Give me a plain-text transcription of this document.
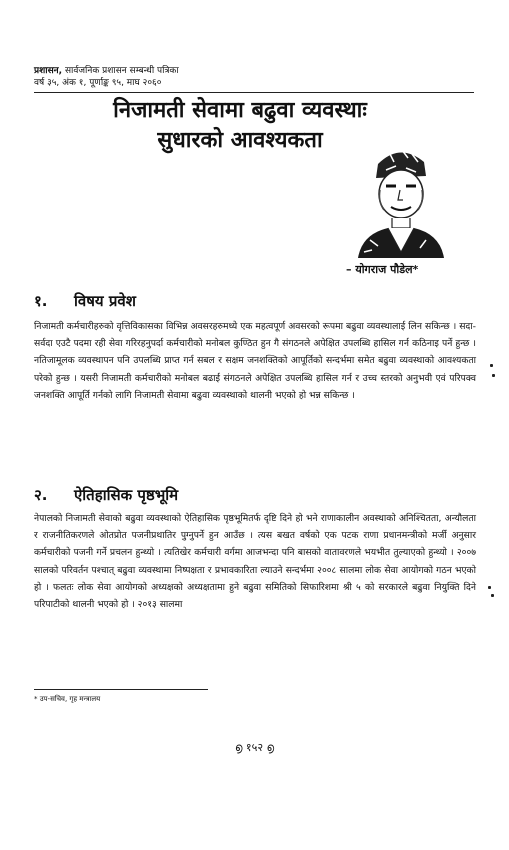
प्रशासन, सार्वजनिक प्रशासन सम्बन्धी पत्रिका
वर्ष ३५, अंक १, पूर्णाङ्क ९५, माघ २०६०
निजामती सेवामा बढुवा व्यवस्थाः
सुधारको आवश्यकता
– योगराज पौडेल*
१. विषय प्रवेश
निजामती कर्मचारीहरुको वृत्तिविकासका विभिन्न अवसरहरुमध्ये एक महत्वपूर्ण अवसरको रूपमा बढुवा व्यवस्थालाई लिन सकिन्छ । सदा-सर्वदा एउटै पदमा रही सेवा गरिरहनुपर्दा कर्मचारीको मनोबल कुण्ठित हुन गै संगठनले अपेक्षित उपलब्धि हासिल गर्न कठिनाइ पर्ने हुन्छ । नतिजामूलक व्यवस्थापन पनि उपलब्धि प्राप्त गर्न सबल र सक्षम जनशक्तिको आपूर्तिको सन्दर्भमा समेत बढुवा व्यवस्थाको आवश्यकता परेको हुन्छ । यसरी निजामती कर्मचारीको मनोबल बढाई संगठनले अपेक्षित उपलब्धि हासिल गर्न र उच्च स्तरको अनुभवी एवं परिपक्व जनशक्ति आपूर्ति गर्नको लागि निजामती सेवामा बढुवा व्यवस्थाको थालनी भएको हो भन्न सकिन्छ ।
२. ऐतिहासिक पृष्ठभूमि
नेपालको निजामती सेवाको बढुवा व्यवस्थाको ऐतिहासिक पृष्ठभूमितर्फ दृष्टि दिने हो भने राणाकालीन अवस्थाको अनिश्चितता, अन्यौलता र राजनीतिकरणले ओतप्रोत पजनीप्रथातिर पुग्नुपर्ने हुन आउँछ । त्यस बखत वर्षको एक पटक राणा प्रधानमन्त्रीको मर्जी अनुसार कर्मचारीको पजनी गर्ने प्रचलन हुन्थ्यो । त्यतिखेर कर्मचारी वर्गमा आजभन्दा पनि बासको वातावरणले भयभीत तुल्याएको हुन्थ्यो । २००७ सालको परिवर्तन पश्चात् बढुवा व्यवस्थामा निष्पक्षता र प्रभावकारिता ल्याउने सन्दर्भमा २००८ सालमा लोक सेवा आयोगको गठन भएको हो । फलतः लोक सेवा आयोगको अध्यक्षको अध्यक्षतामा हुने बढुवा समितिको सिफारिशमा श्री ५ को सरकारले बढुवा नियुक्ति दिने परिपाटीको थालनी भएको हो । २०१३ सालमा
* उप-सचिव, गृह मन्त्रालय
൭ १५२ ൭
